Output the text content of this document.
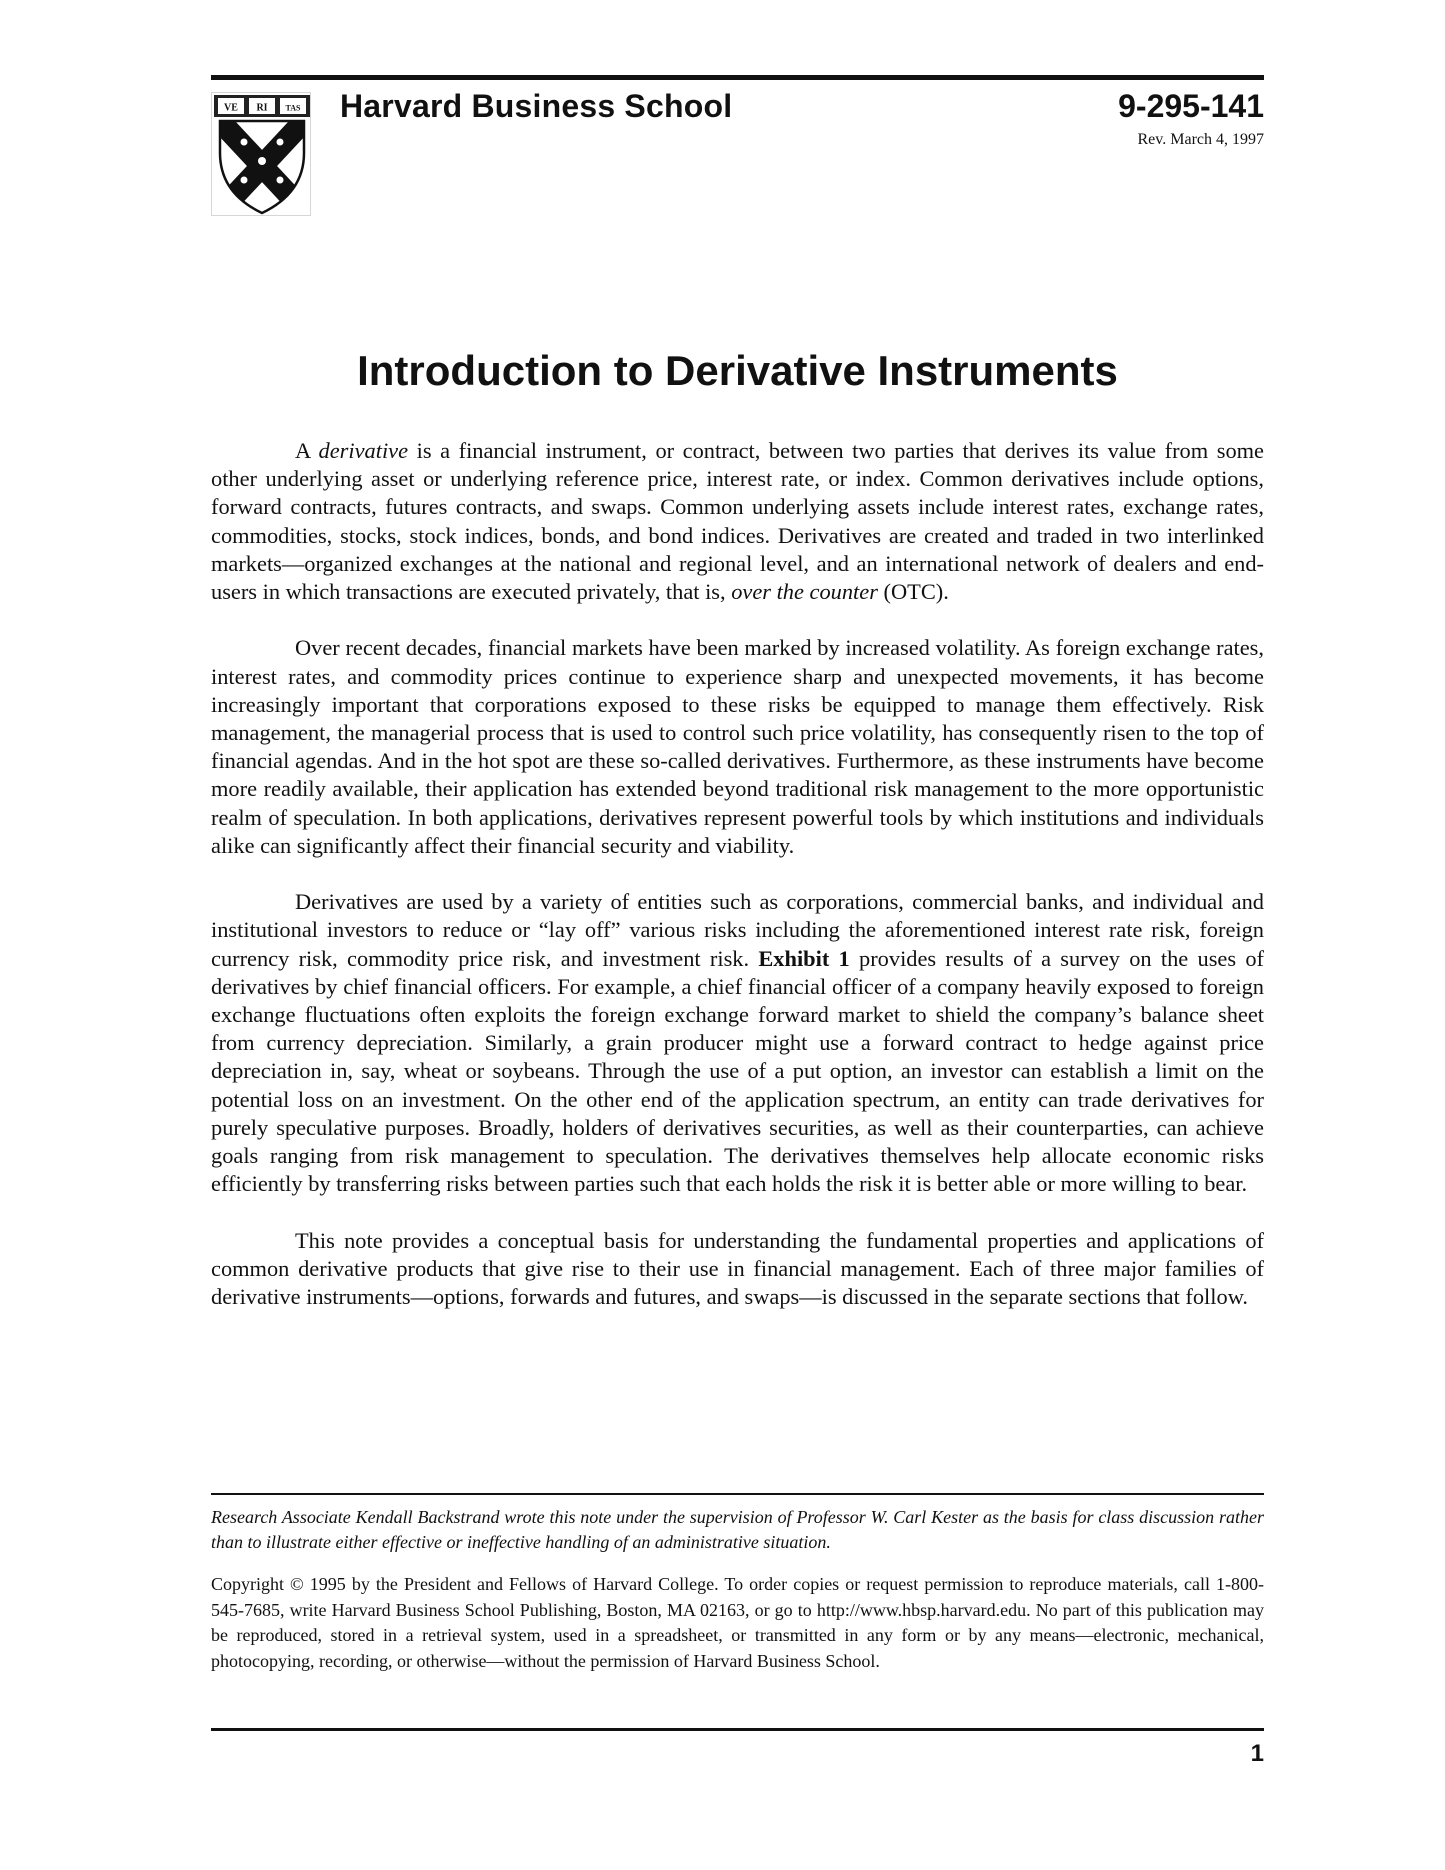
VE RI TAS Harvard Business School	9-295-141
Rev. March 4, 1997
Introduction to Derivative Instruments

A derivative is a financial instrument, or contract, between two parties that derives its value from some other underlying asset or underlying reference price, interest rate, or index. Common derivatives include options, forward contracts, futures contracts, and swaps. Common underlying assets include interest rates, exchange rates, commodities, stocks, stock indices, bonds, and bond indices. Derivatives are created and traded in two interlinked markets—organized exchanges at the national and regional level, and an international network of dealers and end-users in which transactions are executed privately, that is, over the counter (OTC).

Over recent decades, financial markets have been marked by increased volatility. As foreign exchange rates, interest rates, and commodity prices continue to experience sharp and unexpected movements, it has become increasingly important that corporations exposed to these risks be equipped to manage them effectively. Risk management, the managerial process that is used to control such price volatility, has consequently risen to the top of financial agendas. And in the hot spot are these so-called derivatives. Furthermore, as these instruments have become more readily available, their application has extended beyond traditional risk management to the more opportunistic realm of speculation. In both applications, derivatives represent powerful tools by which institutions and individuals alike can significantly affect their financial security and viability.

Derivatives are used by a variety of entities such as corporations, commercial banks, and individual and institutional investors to reduce or “lay off” various risks including the aforementioned interest rate risk, foreign currency risk, commodity price risk, and investment risk. Exhibit 1 provides results of a survey on the uses of derivatives by chief financial officers. For example, a chief financial officer of a company heavily exposed to foreign exchange fluctuations often exploits the foreign exchange forward market to shield the company’s balance sheet from currency depreciation. Similarly, a grain producer might use a forward contract to hedge against price depreciation in, say, wheat or soybeans. Through the use of a put option, an investor can establish a limit on the potential loss on an investment. On the other end of the application spectrum, an entity can trade derivatives for purely speculative purposes. Broadly, holders of derivatives securities, as well as their counterparties, can achieve goals ranging from risk management to speculation. The derivatives themselves help allocate economic risks efficiently by transferring risks between parties such that each holds the risk it is better able or more willing to bear.

This note provides a conceptual basis for understanding the fundamental properties and applications of common derivative products that give rise to their use in financial management. Each of three major families of derivative instruments—options, forwards and futures, and swaps—is discussed in the separate sections that follow.

Research Associate Kendall Backstrand wrote this note under the supervision of Professor W. Carl Kester as the basis for class discussion rather than to illustrate either effective or ineffective handling of an administrative situation.

Copyright © 1995 by the President and Fellows of Harvard College. To order copies or request permission to reproduce materials, call 1-800-545-7685, write Harvard Business School Publishing, Boston, MA 02163, or go to http://www.hbsp.harvard.edu. No part of this publication may be reproduced, stored in a retrieval system, used in a spreadsheet, or transmitted in any form or by any means—electronic, mechanical, photocopying, recording, or otherwise—without the permission of Harvard Business School.

1
